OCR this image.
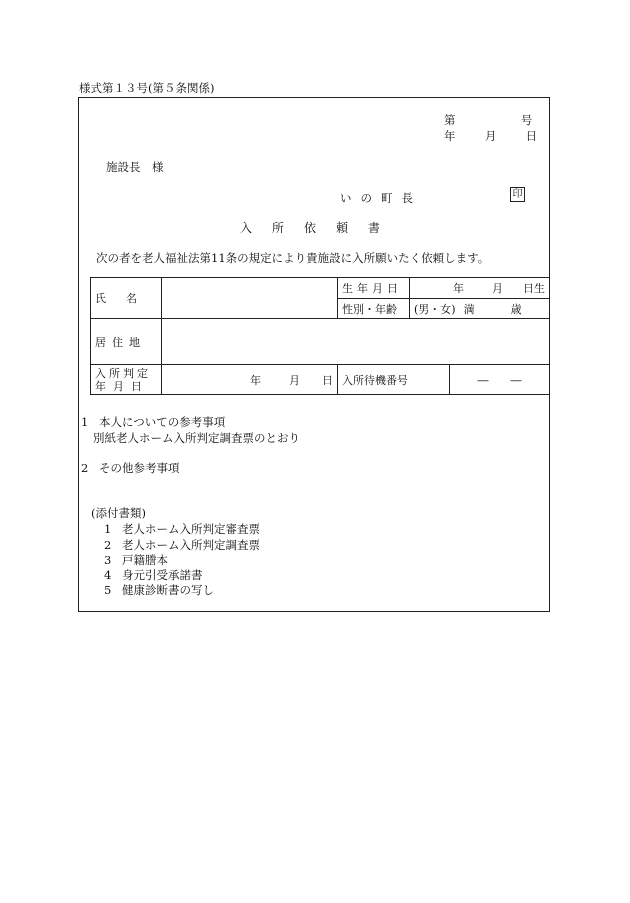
様式第１３号(第５条関係)
第	号
年	月	日
施設長　様
いの町長	印
入所依頼書
次の者を老人福祉法第11条の規定により貴施設に入所願いたく依頼します。
氏名		生年月日	年 月 日生	
		性別・年齢	(男・女) 満 歳	
居住地				

入所判定
年月日	年 月 日	入所待機番号		―　　―
1 本人についての参考事項
別紙老人ホーム入所判定調査票のとおり
2 その他参考事項
(添付書類)
1 老人ホーム入所判定審査票
2 老人ホーム入所判定調査票
3 戸籍謄本
4 身元引受承諾書
5 健康診断書の写し
